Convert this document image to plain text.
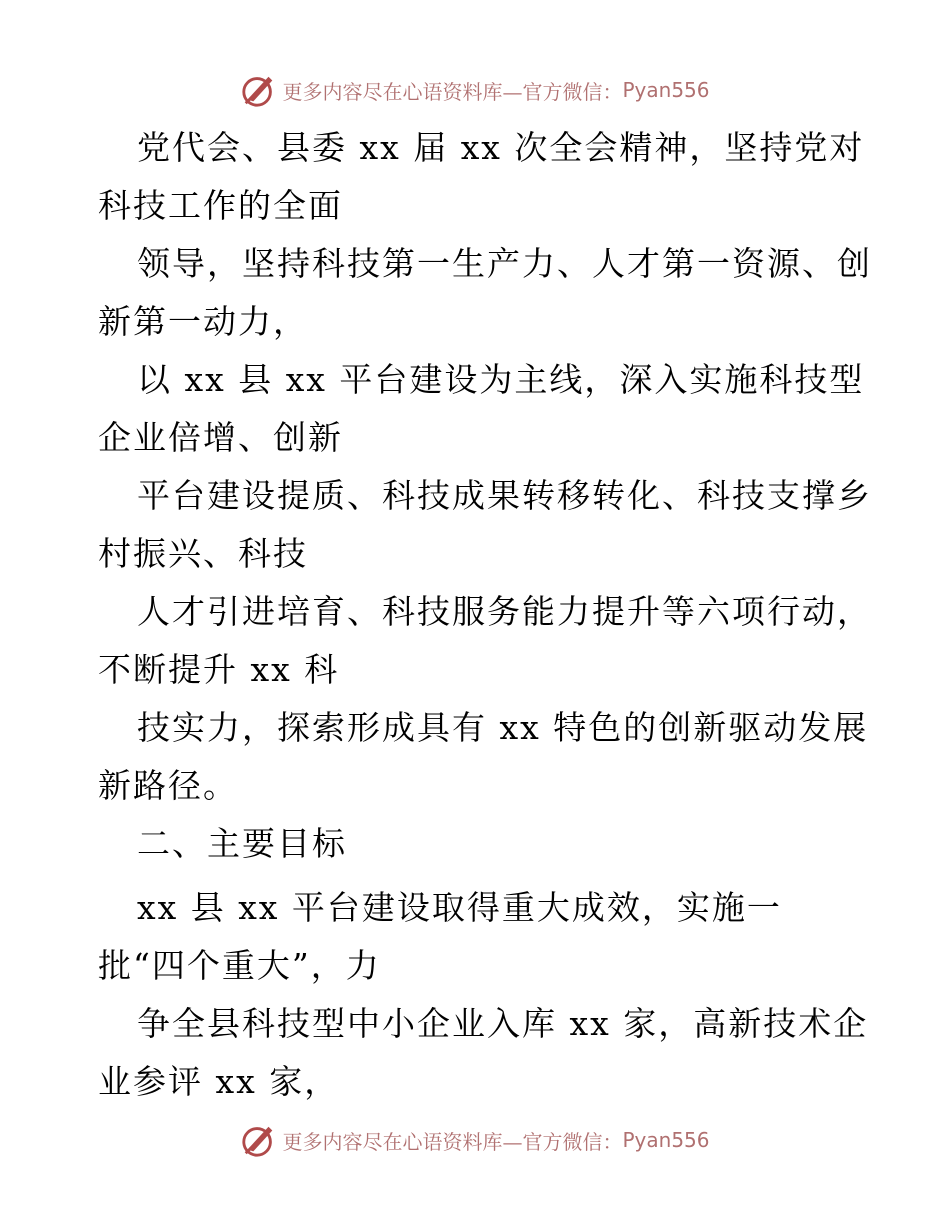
更多内容尽在心语资料库—官方微信： Pyan556
党代会、县委 xx 届 xx 次全会精神，坚持党对
科技工作的全面
领导，坚持科技第一生产力、人才第一资源、创
新第一动力，
以 xx 县 xx 平台建设为主线，深入实施科技型
企业倍增、创新
平台建设提质、科技成果转移转化、科技支撑乡
村振兴、科技
人才引进培育、科技服务能力提升等六项行动，
不断提升 xx 科
技实力，探索形成具有 xx 特色的创新驱动发展
新路径。
二、主要目标
xx 县 xx 平台建设取得重大成效，实施一
批“四个重大”，力
争全县科技型中小企业入库 xx 家，高新技术企
业参评 xx 家，
更多内容尽在心语资料库—官方微信： Pyan556
